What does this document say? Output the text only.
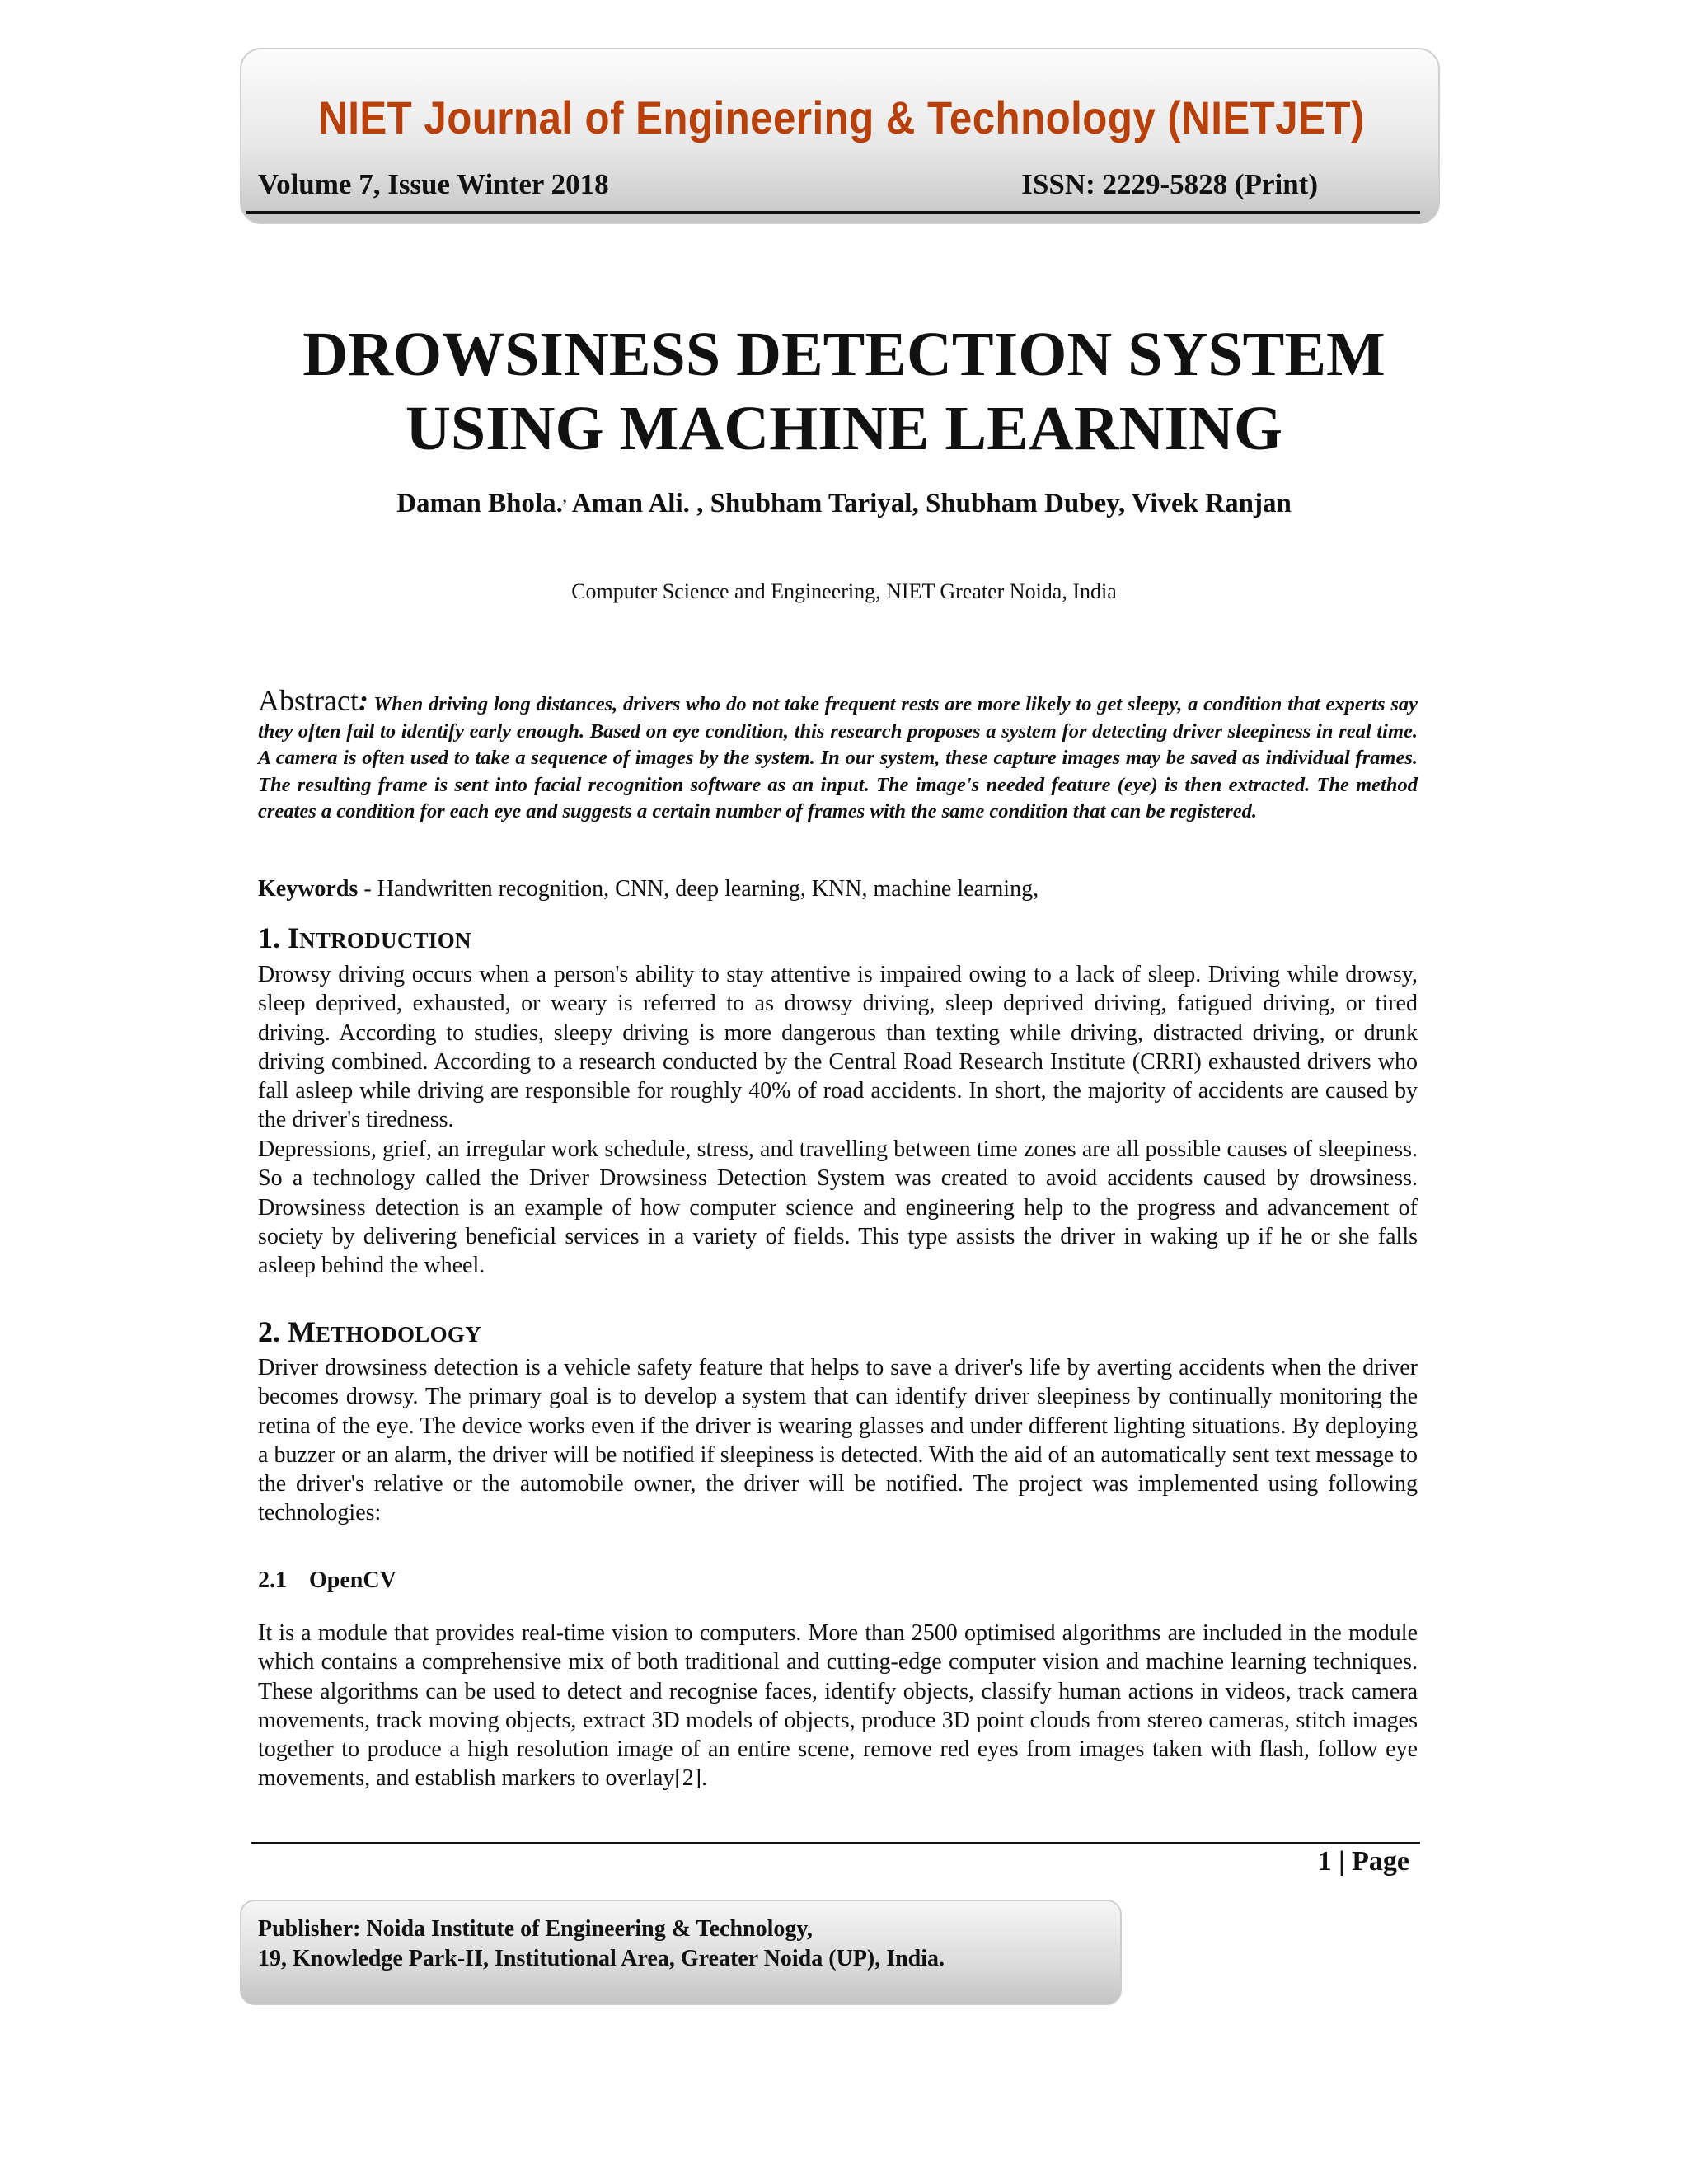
NIET Journal of Engineering & Technology (NIETJET)
Volume 7, Issue Winter 2018	ISSN: 2229-5828 (Print)
DROWSINESS DETECTION SYSTEM
USING MACHINE LEARNING
Daman Bhola., Aman Ali. , Shubham Tariyal, Shubham Dubey, Vivek Ranjan
Computer Science and Engineering, NIET Greater Noida, India
Abstract: When driving long distances, drivers who do not take frequent rests are more likely to get sleepy, a condition that experts say they often fail to identify early enough. Based on eye condition, this research proposes a system for detecting driver sleepiness in real time. A camera is often used to take a sequence of images by the system. In our system, these capture images may be saved as individual frames. The resulting frame is sent into facial recognition software as an input. The image's needed feature (eye) is then extracted. The method creates a condition for each eye and suggests a certain number of frames with the same condition that can be registered.
Keywords - Handwritten recognition, CNN, deep learning, KNN, machine learning,
1. INTRODUCTION
Drowsy driving occurs when a person's ability to stay attentive is impaired owing to a lack of sleep. Driving while drowsy, sleep deprived, exhausted, or weary is referred to as drowsy driving, sleep deprived driving, fatigued driving, or tired driving. According to studies, sleepy driving is more dangerous than texting while driving, distracted driving, or drunk driving combined. According to a research conducted by the Central Road Research Institute (CRRI) exhausted drivers who fall asleep while driving are responsible for roughly 40% of road accidents. In short, the majority of accidents are caused by the driver's tiredness.
Depressions, grief, an irregular work schedule, stress, and travelling between time zones are all possible causes of sleepiness. So a technology called the Driver Drowsiness Detection System was created to avoid accidents caused by drowsiness. Drowsiness detection is an example of how computer science and engineering help to the progress and advancement of society by delivering beneficial services in a variety of fields. This type assists the driver in waking up if he or she falls asleep behind the wheel.
2. METHODOLOGY
Driver drowsiness detection is a vehicle safety feature that helps to save a driver's life by averting accidents when the driver becomes drowsy. The primary goal is to develop a system that can identify driver sleepiness by continually monitoring the retina of the eye. The device works even if the driver is wearing glasses and under different lighting situations. By deploying a buzzer or an alarm, the driver will be notified if sleepiness is detected. With the aid of an automatically sent text message to the driver's relative or the automobile owner, the driver will be notified. The project was implemented using following technologies:
2.1 OpenCV
It is a module that provides real-time vision to computers. More than 2500 optimised algorithms are included in the module which contains a comprehensive mix of both traditional and cutting-edge computer vision and machine learning techniques. These algorithms can be used to detect and recognise faces, identify objects, classify human actions in videos, track camera movements, track moving objects, extract 3D models of objects, produce 3D point clouds from stereo cameras, stitch images together to produce a high resolution image of an entire scene, remove red eyes from images taken with flash, follow eye movements, and establish markers to overlay[2].
1 | Page
Publisher: Noida Institute of Engineering & Technology,
19, Knowledge Park-II, Institutional Area, Greater Noida (UP), India.
